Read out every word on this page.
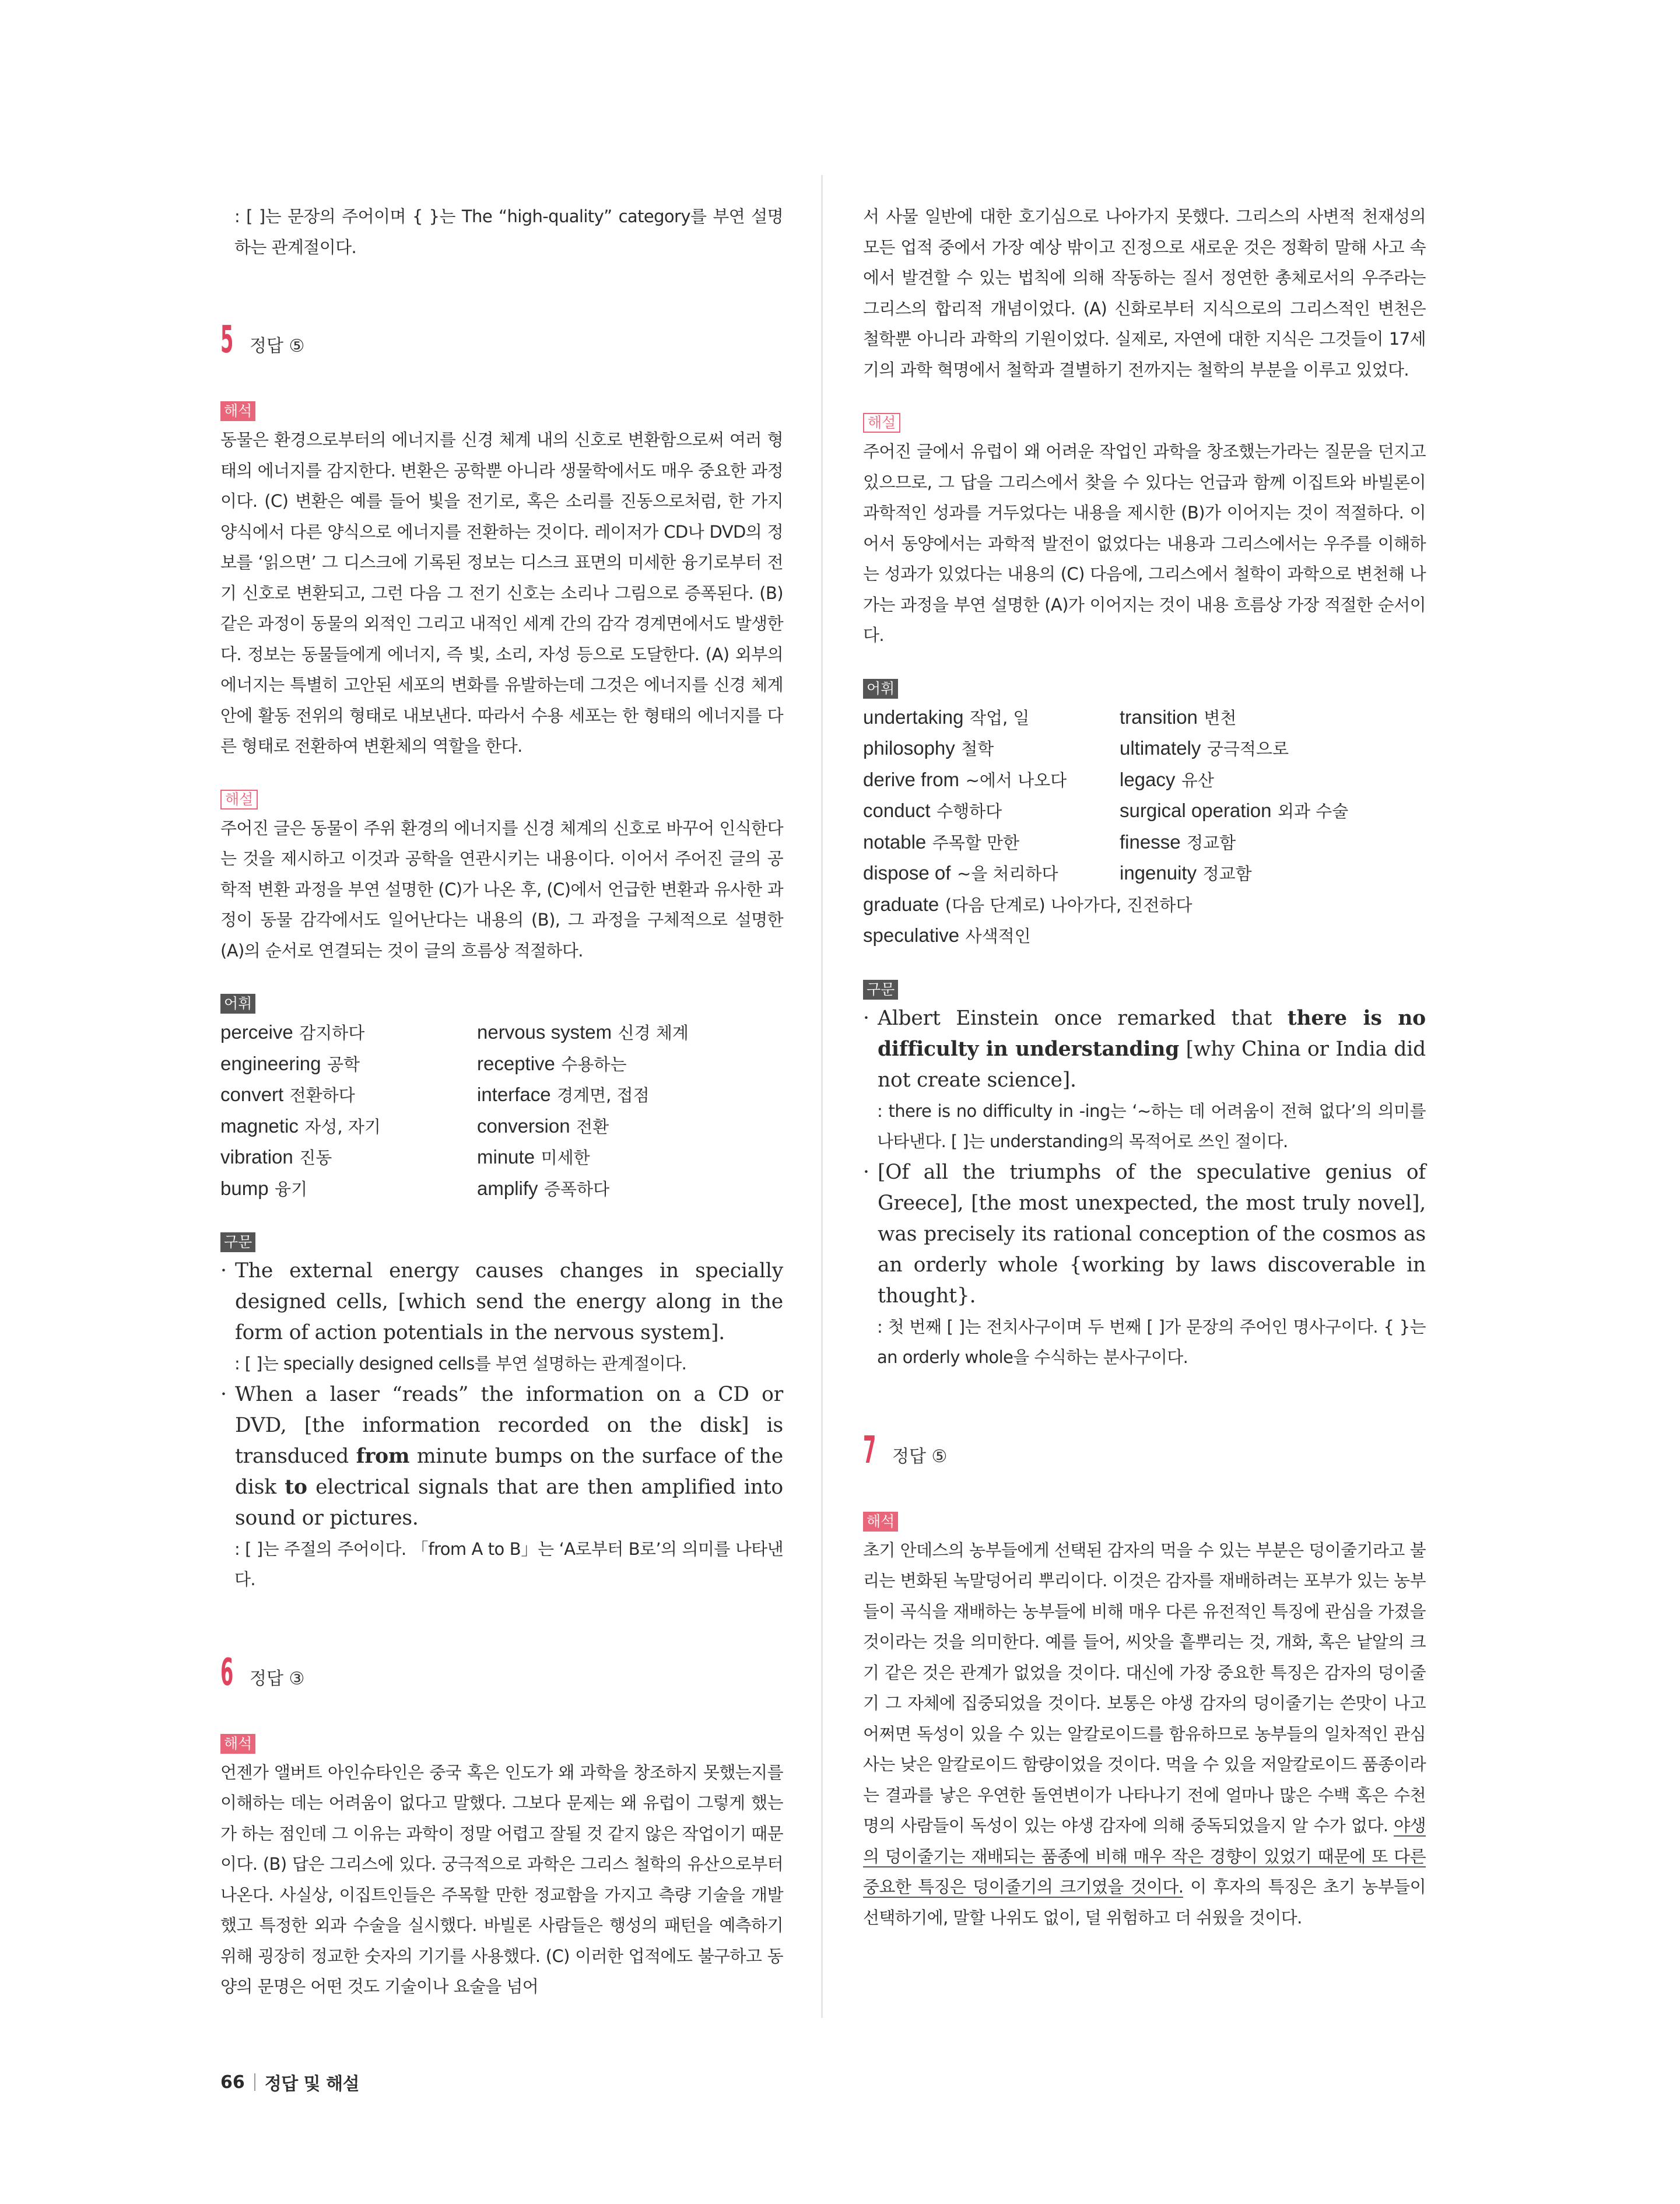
: [ ]는 문장의 주어이며 { }는 The “high-quality” category를 부연 설명하는 관계절이다.

5 정답 ⑤
해석

동물은 환경으로부터의 에너지를 신경 체계 내의 신호로 변환함으로써 여러 형태의 에너지를 감지한다. 변환은 공학뿐 아니라 생물학에서도 매우 중요한 과정이다. (C) 변환은 예를 들어 빛을 전기로, 혹은 소리를 진동으로처럼, 한 가지 양식에서 다른 양식으로 에너지를 전환하는 것이다. 레이저가 CD나 DVD의 정보를 ‘읽으면’ 그 디스크에 기록된 정보는 디스크 표면의 미세한 융기로부터 전기 신호로 변환되고, 그런 다음 그 전기 신호는 소리나 그림으로 증폭된다. (B) 같은 과정이 동물의 외적인 그리고 내적인 세계 간의 감각 경계면에서도 발생한다. 정보는 동물들에게 에너지, 즉 빛, 소리, 자성 등으로 도달한다. (A) 외부의 에너지는 특별히 고안된 세포의 변화를 유발하는데 그것은 에너지를 신경 체계 안에 활동 전위의 형태로 내보낸다. 따라서 수용 세포는 한 형태의 에너지를 다른 형태로 전환하여 변환체의 역할을 한다.

해설

주어진 글은 동물이 주위 환경의 에너지를 신경 체계의 신호로 바꾸어 인식한다는 것을 제시하고 이것과 공학을 연관시키는 내용이다. 이어서 주어진 글의 공학적 변환 과정을 부연 설명한 (C)가 나온 후, (C)에서 언급한 변환과 유사한 과정이 동물 감각에서도 일어난다는 내용의 (B), 그 과정을 구체적으로 설명한 (A)의 순서로 연결되는 것이 글의 흐름상 적절하다.

어휘
perceive 감지하다	nervous system 신경 체계
engineering 공학	receptive 수용하는
convert 전환하다	interface 경계면, 접점
magnetic 자성, 자기	conversion 전환
vibration 진동	minute 미세한
bump 융기	amplify 증폭하다
구문

· The external energy causes changes in specially designed cells, [which send the energy along in the form of action potentials in the nervous system].

: [ ]는 specially designed cells를 부연 설명하는 관계절이다.

· When a laser “reads” the information on a CD or DVD, [the information recorded on the disk] is transduced from minute bumps on the surface of the disk to electrical signals that are then amplified into sound or pictures.

: [ ]는 주절의 주어이다. 「from A to B」는 ‘A로부터 B로’의 의미를 나타낸다.

6 정답 ③
해석

언젠가 앨버트 아인슈타인은 중국 혹은 인도가 왜 과학을 창조하지 못했는지를 이해하는 데는 어려움이 없다고 말했다. 그보다 문제는 왜 유럽이 그렇게 했는가 하는 점인데 그 이유는 과학이 정말 어렵고 잘될 것 같지 않은 작업이기 때문이다. (B) 답은 그리스에 있다. 궁극적으로 과학은 그리스 철학의 유산으로부터 나온다. 사실상, 이집트인들은 주목할 만한 정교함을 가지고 측량 기술을 개발했고 특정한 외과 수술을 실시했다. 바빌론 사람들은 행성의 패턴을 예측하기 위해 굉장히 정교한 숫자의 기기를 사용했다. (C) 이러한 업적에도 불구하고 동양의 문명은 어떤 것도 기술이나 요술을 넘어

서 사물 일반에 대한 호기심으로 나아가지 못했다. 그리스의 사변적 천재성의 모든 업적 중에서 가장 예상 밖이고 진정으로 새로운 것은 정확히 말해 사고 속에서 발견할 수 있는 법칙에 의해 작동하는 질서 정연한 총체로서의 우주라는 그리스의 합리적 개념이었다. (A) 신화로부터 지식으로의 그리스적인 변천은 철학뿐 아니라 과학의 기원이었다. 실제로, 자연에 대한 지식은 그것들이 17세기의 과학 혁명에서 철학과 결별하기 전까지는 철학의 부분을 이루고 있었다.

해설

주어진 글에서 유럽이 왜 어려운 작업인 과학을 창조했는가라는 질문을 던지고 있으므로, 그 답을 그리스에서 찾을 수 있다는 언급과 함께 이집트와 바빌론이 과학적인 성과를 거두었다는 내용을 제시한 (B)가 이어지는 것이 적절하다. 이어서 동양에서는 과학적 발전이 없었다는 내용과 그리스에서는 우주를 이해하는 성과가 있었다는 내용의 (C) 다음에, 그리스에서 철학이 과학으로 변천해 나가는 과정을 부연 설명한 (A)가 이어지는 것이 내용 흐름상 가장 적절한 순서이다.

어휘
undertaking 작업, 일	transition 변천
philosophy 철학	ultimately 궁극적으로
derive from ~에서 나오다	legacy 유산
conduct 수행하다	surgical operation 외과 수술
notable 주목할 만한	finesse 정교함
dispose of ~을 처리하다	ingenuity 정교함
graduate (다음 단계로) 나아가다, 진전하다
speculative 사색적인
구문

· Albert Einstein once remarked that there is no difficulty in understanding [why China or India did not create science].

: there is no difficulty in -ing는 ‘~하는 데 어려움이 전혀 없다’의 의미를 나타낸다. [ ]는 understanding의 목적어로 쓰인 절이다.

· [Of all the triumphs of the speculative genius of Greece], [the most unexpected, the most truly novel], was precisely its rational conception of the cosmos as an orderly whole {working by laws discoverable in thought}.

: 첫 번째 [ ]는 전치사구이며 두 번째 [ ]가 문장의 주어인 명사구이다. { }는 an orderly whole을 수식하는 분사구이다.

7 정답 ⑤
해석

초기 안데스의 농부들에게 선택된 감자의 먹을 수 있는 부분은 덩이줄기라고 불리는 변화된 녹말덩어리 뿌리이다. 이것은 감자를 재배하려는 포부가 있는 농부들이 곡식을 재배하는 농부들에 비해 매우 다른 유전적인 특징에 관심을 가졌을 것이라는 것을 의미한다. 예를 들어, 씨앗을 흩뿌리는 것, 개화, 혹은 낱알의 크기 같은 것은 관계가 없었을 것이다. 대신에 가장 중요한 특징은 감자의 덩이줄기 그 자체에 집중되었을 것이다. 보통은 야생 감자의 덩이줄기는 쓴맛이 나고 어쩌면 독성이 있을 수 있는 알칼로이드를 함유하므로 농부들의 일차적인 관심사는 낮은 알칼로이드 함량이었을 것이다. 먹을 수 있을 저알칼로이드 품종이라는 결과를 낳은 우연한 돌연변이가 나타나기 전에 얼마나 많은 수백 혹은 수천 명의 사람들이 독성이 있는 야생 감자에 의해 중독되었을지 알 수가 없다. 야생의 덩이줄기는 재배되는 품종에 비해 매우 작은 경향이 있었기 때문에 또 다른 중요한 특징은 덩이줄기의 크기였을 것이다. 이 후자의 특징은 초기 농부들이 선택하기에, 말할 나위도 없이, 덜 위험하고 더 쉬웠을 것이다.

66 정답 및 해설
